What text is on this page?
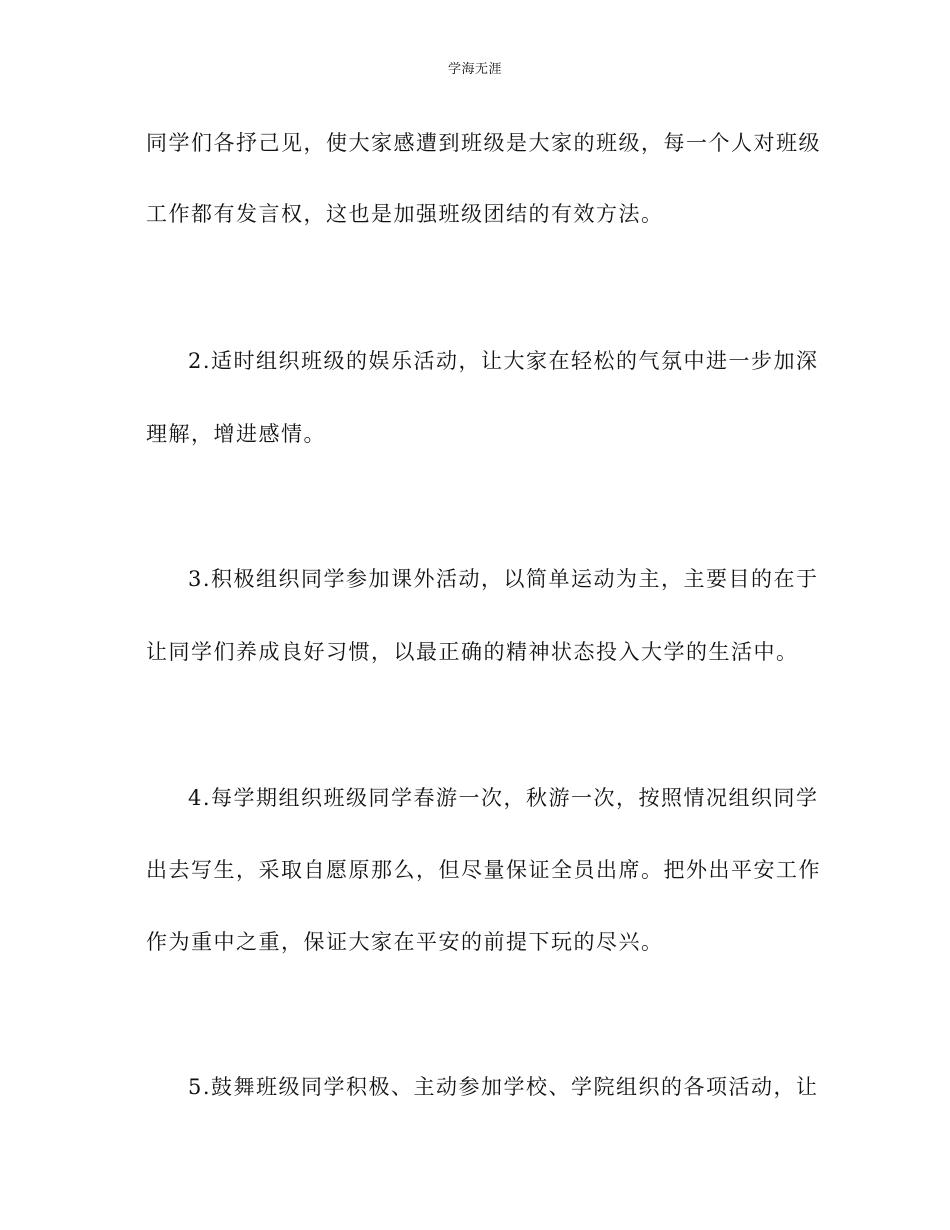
学海无涯
同学们各抒己见，使大家感遭到班级是大家的班级，每一个人对班级
工作都有发言权，这也是加强班级团结的有效方法。
2.适时组织班级的娱乐活动，让大家在轻松的气氛中进一步加深
理解，增进感情。
3.积极组织同学参加课外活动，以简单运动为主，主要目的在于
让同学们养成良好习惯，以最正确的精神状态投入大学的生活中。
4.每学期组织班级同学春游一次，秋游一次，按照情况组织同学
出去写生，采取自愿原那么，但尽量保证全员出席。把外出平安工作
作为重中之重，保证大家在平安的前提下玩的尽兴。
5.鼓舞班级同学积极、主动参加学校、学院组织的各项活动，让
